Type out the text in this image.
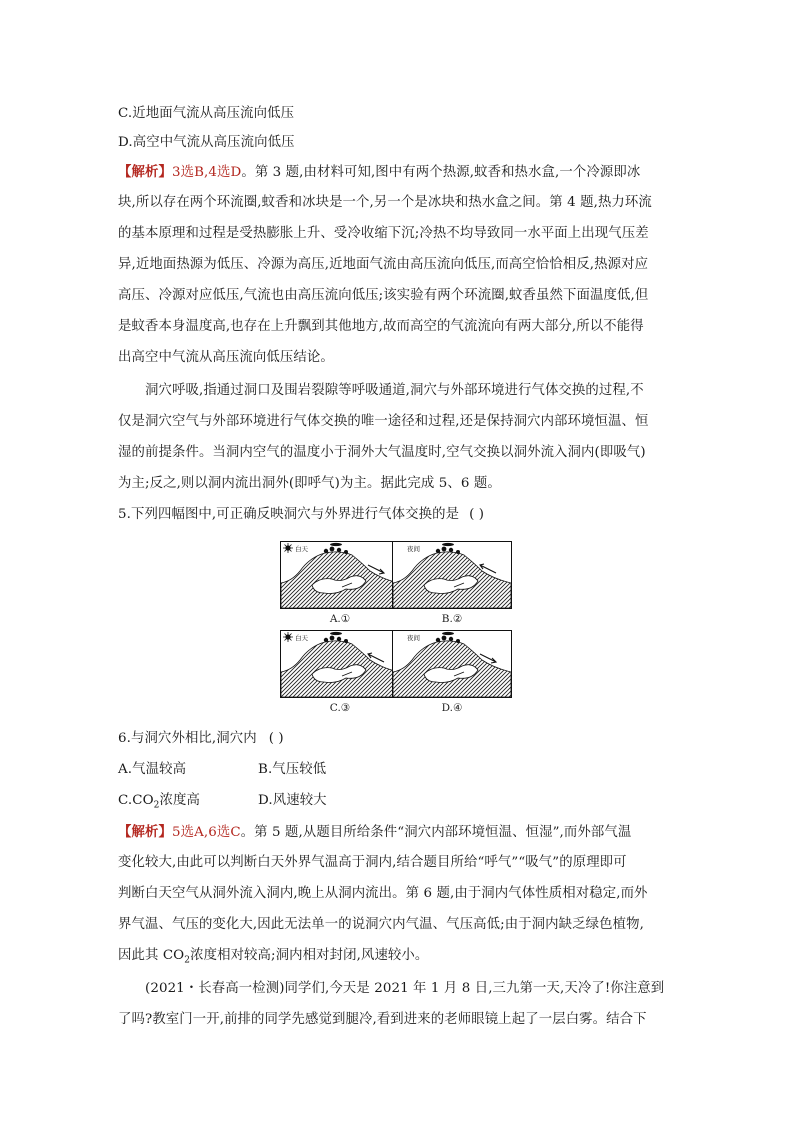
C.近地面气流从高压流向低压
D.高空中气流从高压流向低压
【解析】3选B,4选D。第 3 题,由材料可知,图中有两个热源,蚊香和热水盒,一个冷源即冰
块,所以存在两个环流圈,蚊香和冰块是一个,另一个是冰块和热水盒之间。第 4 题,热力环流
的基本原理和过程是受热膨胀上升、受冷收缩下沉;冷热不均导致同一水平面上出现气压差
异,近地面热源为低压、冷源为高压,近地面气流由高压流向低压,而高空恰恰相反,热源对应
高压、冷源对应低压,气流也由高压流向低压;该实验有两个环流圈,蚊香虽然下面温度低,但
是蚊香本身温度高,也存在上升飘到其他地方,故而高空的气流流向有两大部分,所以不能得
出高空中气流从高压流向低压结论。
洞穴呼吸,指通过洞口及围岩裂隙等呼吸通道,洞穴与外部环境进行气体交换的过程,不
仅是洞穴空气与外部环境进行气体交换的唯一途径和过程,还是保持洞穴内部环境恒温、恒
湿的前提条件。当洞内空气的温度小于洞外大气温度时,空气交换以洞外流入洞内(即吸气)
为主;反之,则以洞内流出洞外(即呼气)为主。据此完成 5、6 题。
5.下列四幅图中,可正确反映洞穴与外界进行气体交换的是 ( )
白天
A.①
夜间
B.②
白天
C.③
夜间
D.④
6.与洞穴外相比,洞穴内 ( )
A.气温较高	B.气压较低
$C.CO_2$浓度高	D.风速较大
【解析】5选A,6选C。第 5 题,从题目所给条件“洞穴内部环境恒温、恒湿”,而外部气温
变化较大,由此可以判断白天外界气温高于洞内,结合题目所给“呼气”“吸气”的原理即可
判断白天空气从洞外流入洞内,晚上从洞内流出。第 6 题,由于洞内气体性质相对稳定,而外
界气温、气压的变化大,因此无法单一的说洞穴内气温、气压高低;由于洞内缺乏绿色植物,
因此其 $CO_2$浓度相对较高;洞内相对封闭,风速较小。
(2021・长春高一检测)同学们,今天是 2021 年 1 月 8 日,三九第一天,天冷了!你注意到
了吗?教室门一开,前排的同学先感觉到腿冷,看到进来的老师眼镜上起了一层白雾。结合下
